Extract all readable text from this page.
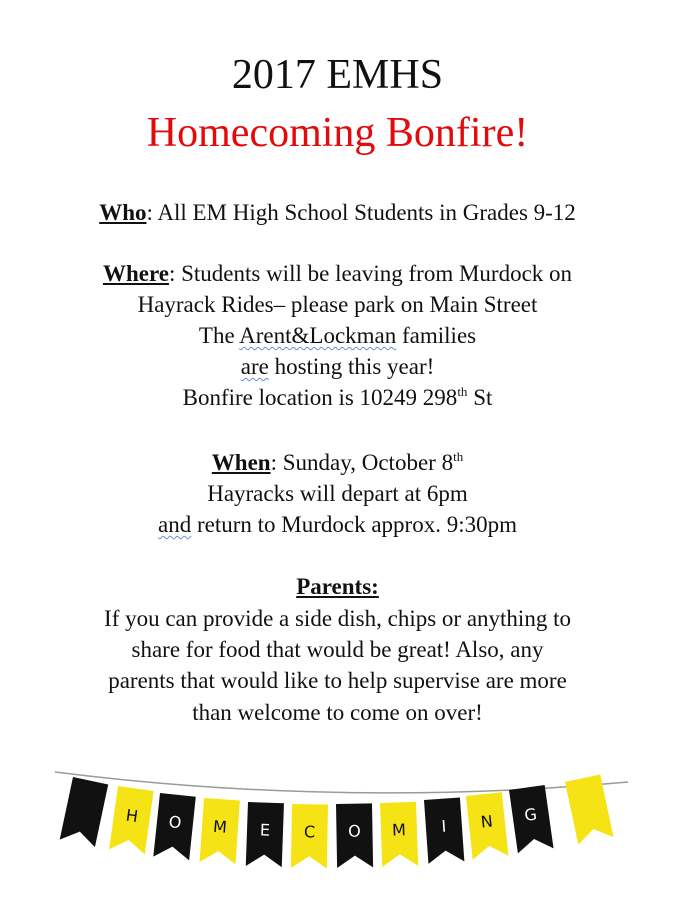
2017 EMHS
Homecoming Bonfire!
Who: All EM High School Students in Grades 9-12
Where: Students will be leaving from Murdock on
Hayrack Rides– please park on Main Street
The Arent&Lockman families
are hosting this year!
Bonfire location is 10249 298th St
When: Sunday, October 8th
Hayracks will depart at 6pm
and return to Murdock approx. 9:30pm
Parents:
If you can provide a side dish, chips or anything to
share for food that would be great! Also, any
parents that would like to help supervise are more
than welcome to come on over!
H O M E C O M I N G
